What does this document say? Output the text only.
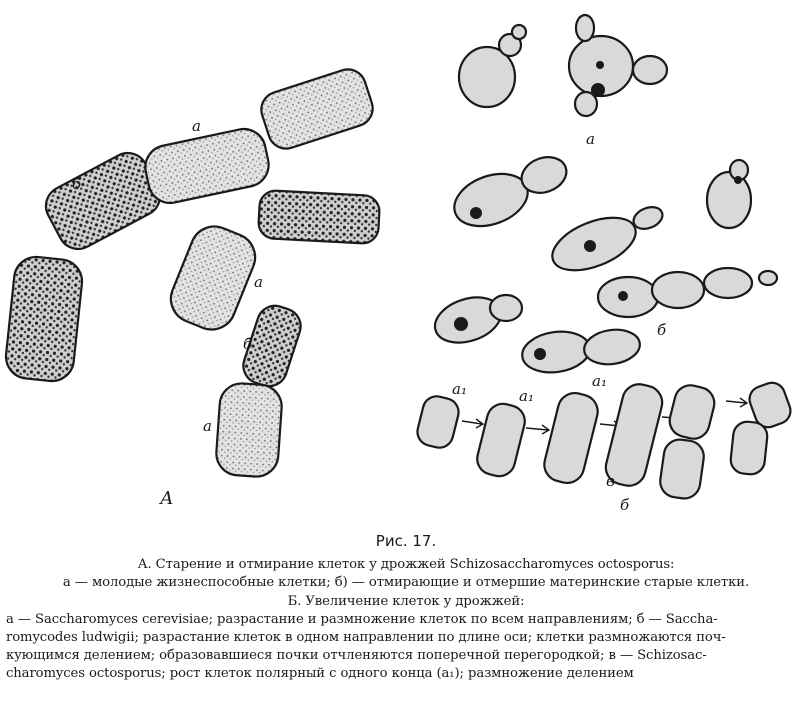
а
б
а
б
а
А
а
б
а₁	а₁
а₁
в
б
Рис. 17.
А. Старение и отмирание клеток у дрожжей Schizosaccharomyces octosporus:
а — молодые жизнеспособные клетки; б) — отмирающие и отмершие материнские старые клетки.
Б. Увеличение клеток у дрожжей:
а — Saccharomyces cerevisiae; разрастание и размножение клеток по всем направлениям; б — Saccha-
romycodes ludwigii; разрастание клеток в одном направлении по длине оси; клетки размножаются поч-
кующимся делением; образовавшиеся почки отчленяются поперечной перегородкой; в — Schizosac-
charomyces octosporus; рост клеток полярный с одного конца (а₁); размножение делением
